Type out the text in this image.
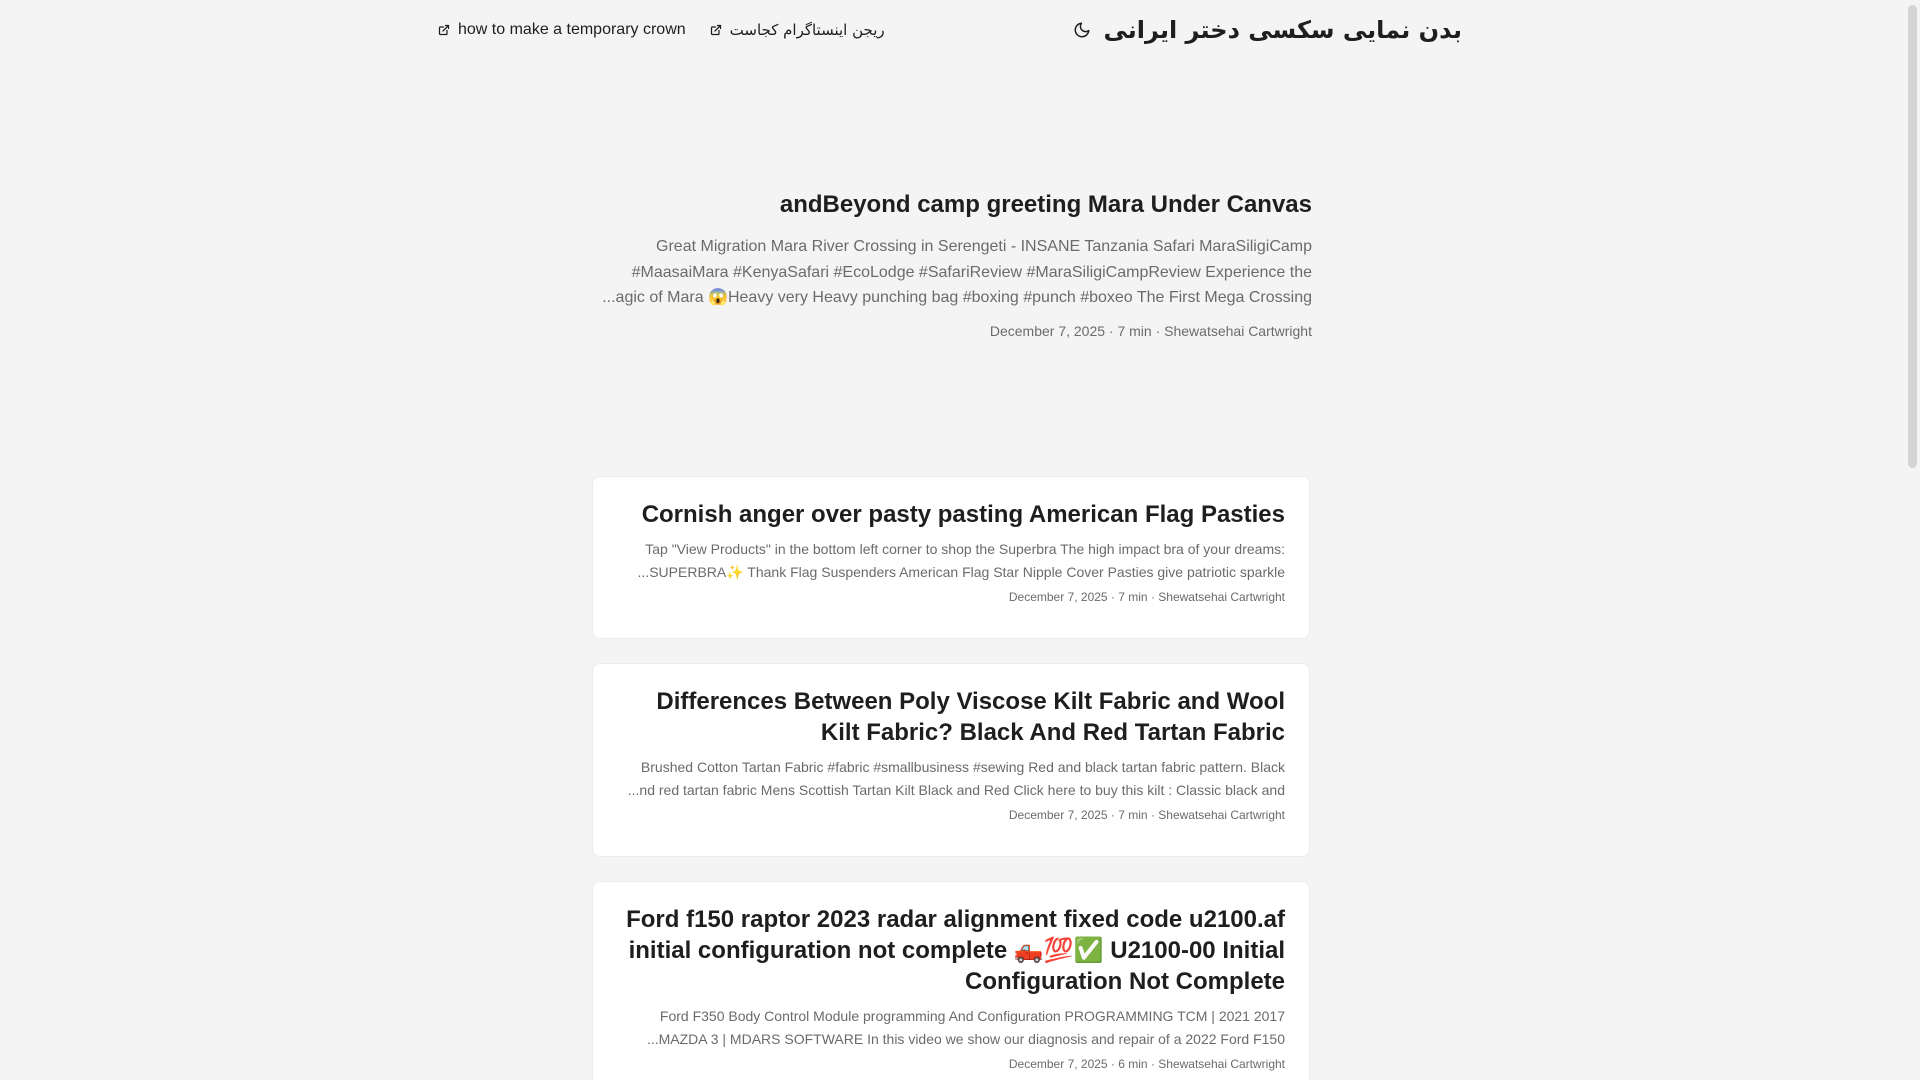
بدن نمایی سکسی دختر ایرانی
ریجن اینستاگرام کجاست
how to make a temporary crown
andBeyond camp greeting Mara Under Canvas
Great Migration Mara River Crossing in Serengeti - INSANE Tanzania Safari MaraSiligiCamp
#MaasaiMara #KenyaSafari #EcoLodge #SafariReview #MaraSiligiCampReview Experience the
...agic of Mara 😱Heavy very Heavy punching bag #boxing #punch #boxeo The First Mega Crossing
December 7, 2025 · 7 min · Shewatsehai Cartwright
Cornish anger over pasty pasting American Flag Pasties
Tap "View Products" in the bottom left corner to shop the Superbra The high impact bra of your dreams:
...SUPERBRA✨ Thank Flag Suspenders American Flag Star Nipple Cover Pasties give patriotic sparkle
December 7, 2025 · 7 min · Shewatsehai Cartwright
Differences Between Poly Viscose Kilt Fabric and Wool Kilt Fabric? Black And Red Tartan Fabric
Brushed Cotton Tartan Fabric #fabric #smallbusiness #sewing Red and black tartan fabric pattern. Black
...nd red tartan fabric Mens Scottish Tartan Kilt Black and Red Click here to buy this kilt : Classic black and
December 7, 2025 · 7 min · Shewatsehai Cartwright
Ford f150 raptor 2023 radar alignment fixed code u2100.af initial configuration not complete 🛻💯✅ U2100-00 Initial Configuration Not Complete
Ford F350 Body Control Module programming And Configuration PROGRAMMING TCM | 2021 2017
...MAZDA 3 | MDARS SOFTWARE In this video we show our diagnosis and repair of a 2022 Ford F150
December 7, 2025 · 6 min · Shewatsehai Cartwright
